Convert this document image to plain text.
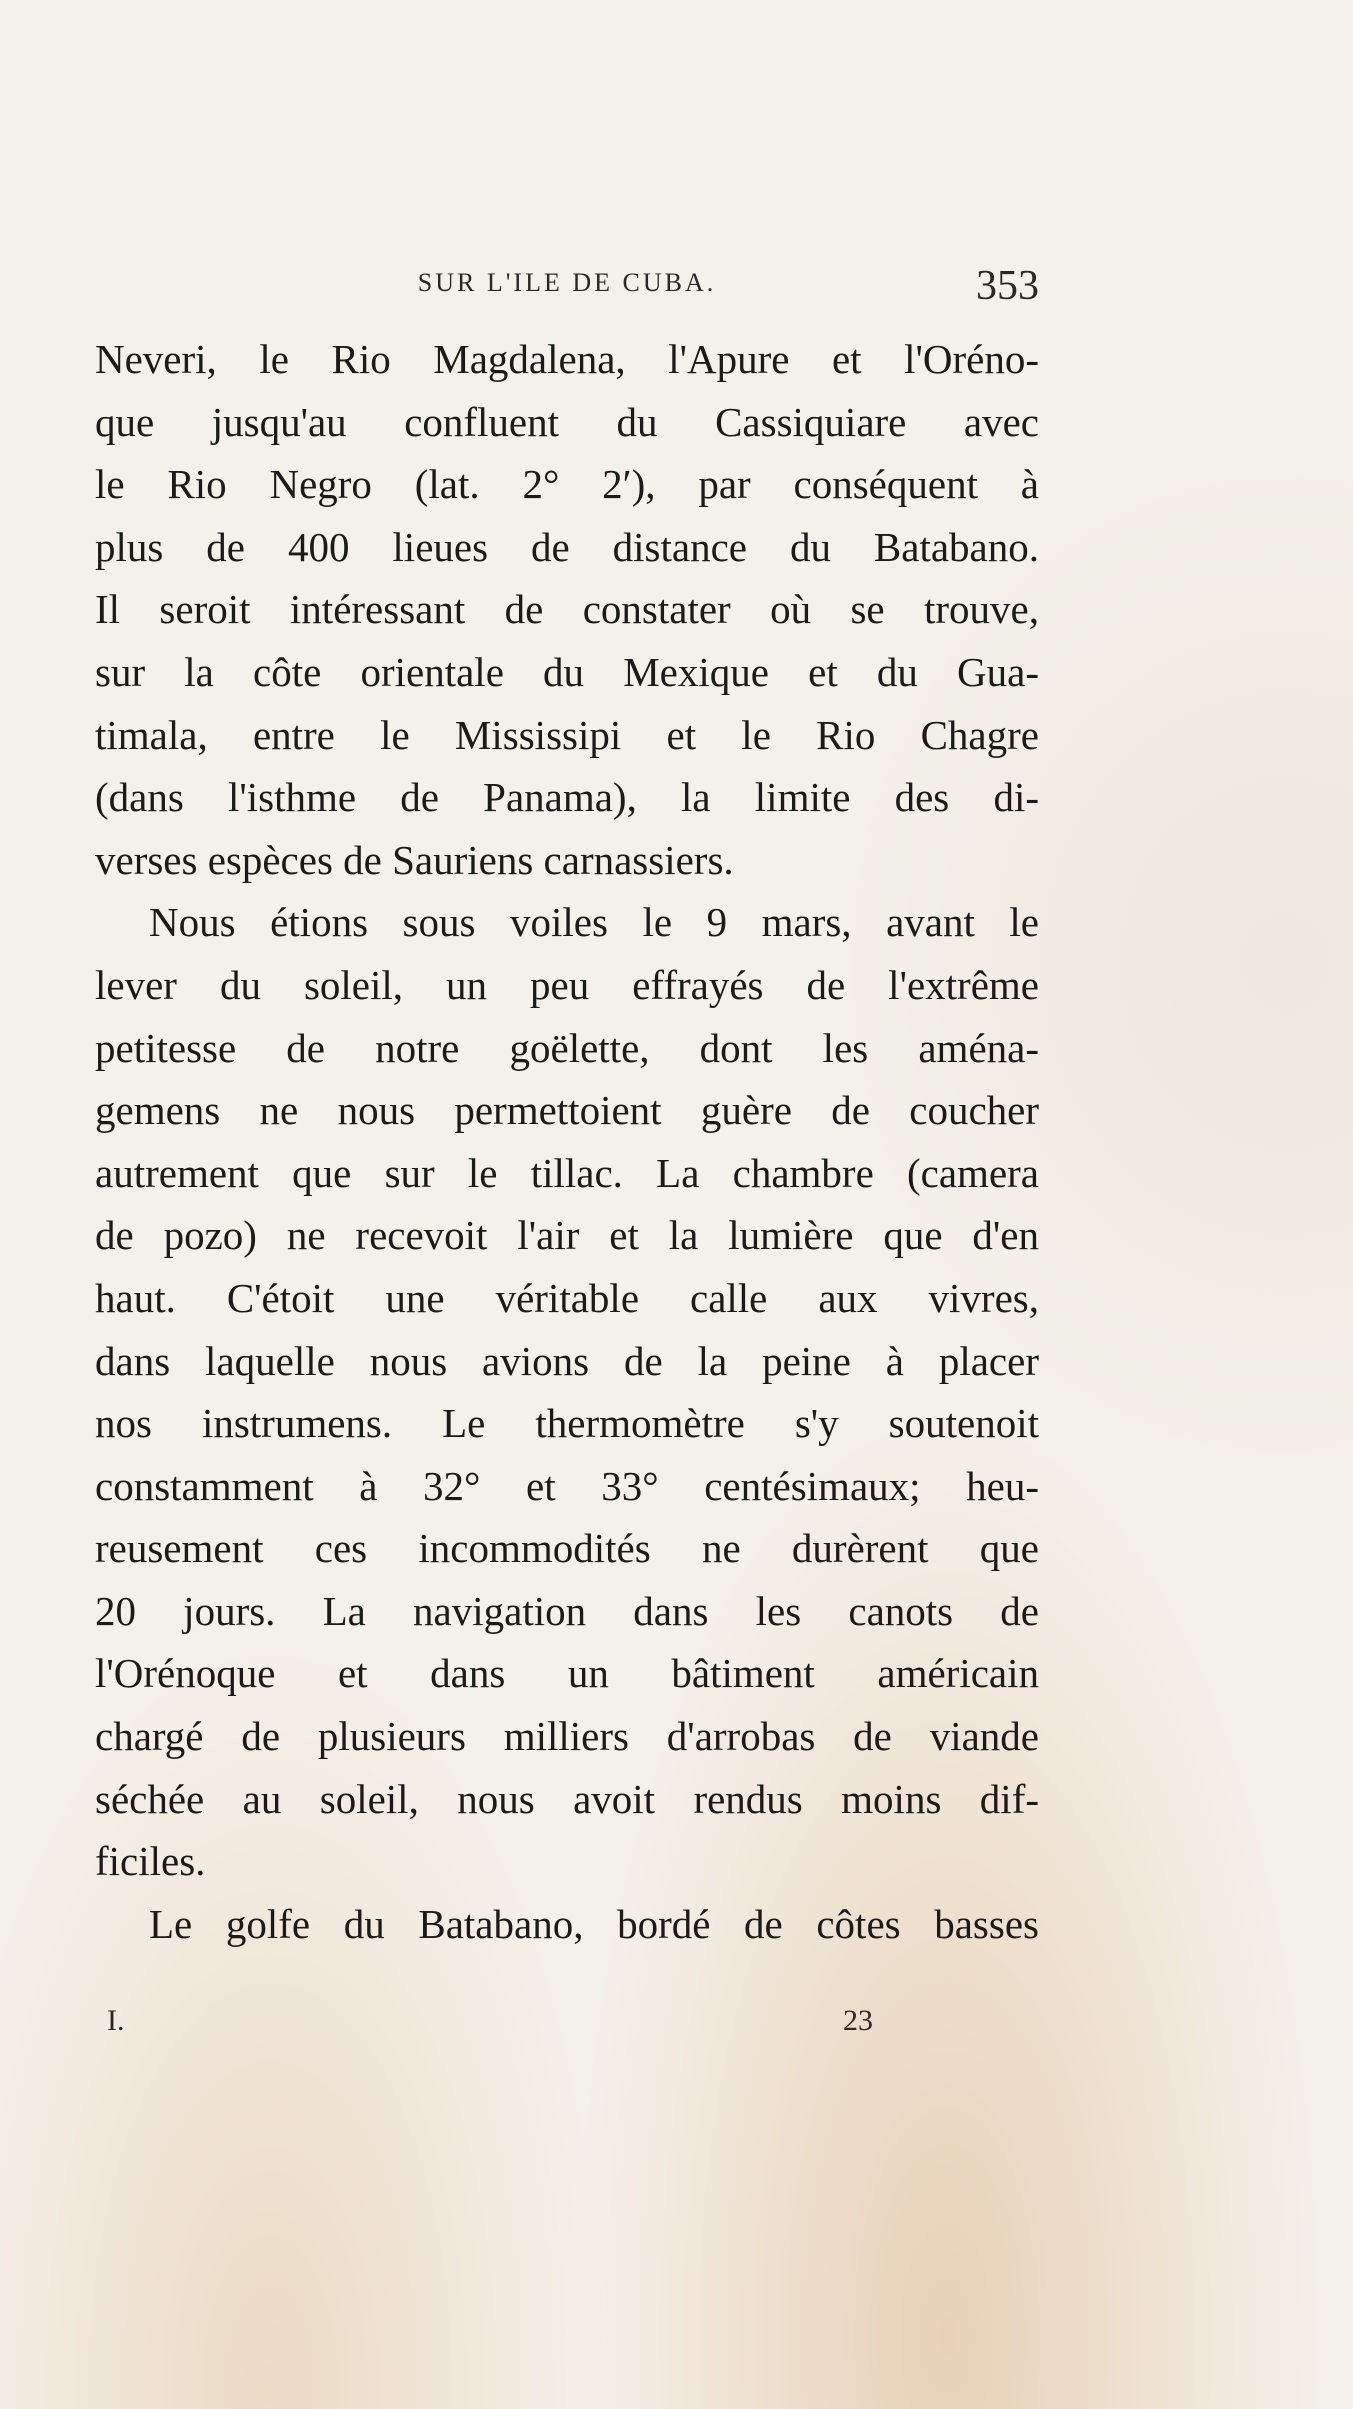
SUR L'ILE DE CUBA.	353
Neveri, le Rio Magdalena, l'Apure et l'Oréno-
que jusqu'au confluent du Cassiquiare avec
le Rio Negro (lat. 2° 2′), par conséquent à
plus de 400 lieues de distance du Batabano.
Il seroit intéressant de constater où se trouve,
sur la côte orientale du Mexique et du Gua-
timala, entre le Mississipi et le Rio Chagre
(dans l'isthme de Panama), la limite des di-
verses espèces de Sauriens carnassiers.
Nous étions sous voiles le 9 mars, avant le
lever du soleil, un peu effrayés de l'extrême
petitesse de notre goëlette, dont les aména-
gemens ne nous permettoient guère de coucher
autrement que sur le tillac. La chambre (camera
de pozo) ne recevoit l'air et la lumière que d'en
haut. C'étoit une véritable calle aux vivres,
dans laquelle nous avions de la peine à placer
nos instrumens. Le thermomètre s'y soutenoit
constamment à 32° et 33° centésimaux; heu-
reusement ces incommodités ne durèrent que
20 jours. La navigation dans les canots de
l'Orénoque et dans un bâtiment américain
chargé de plusieurs milliers d'arrobas de viande
séchée au soleil, nous avoit rendus moins dif-
ficiles.
Le golfe du Batabano, bordé de côtes basses
I.	23
